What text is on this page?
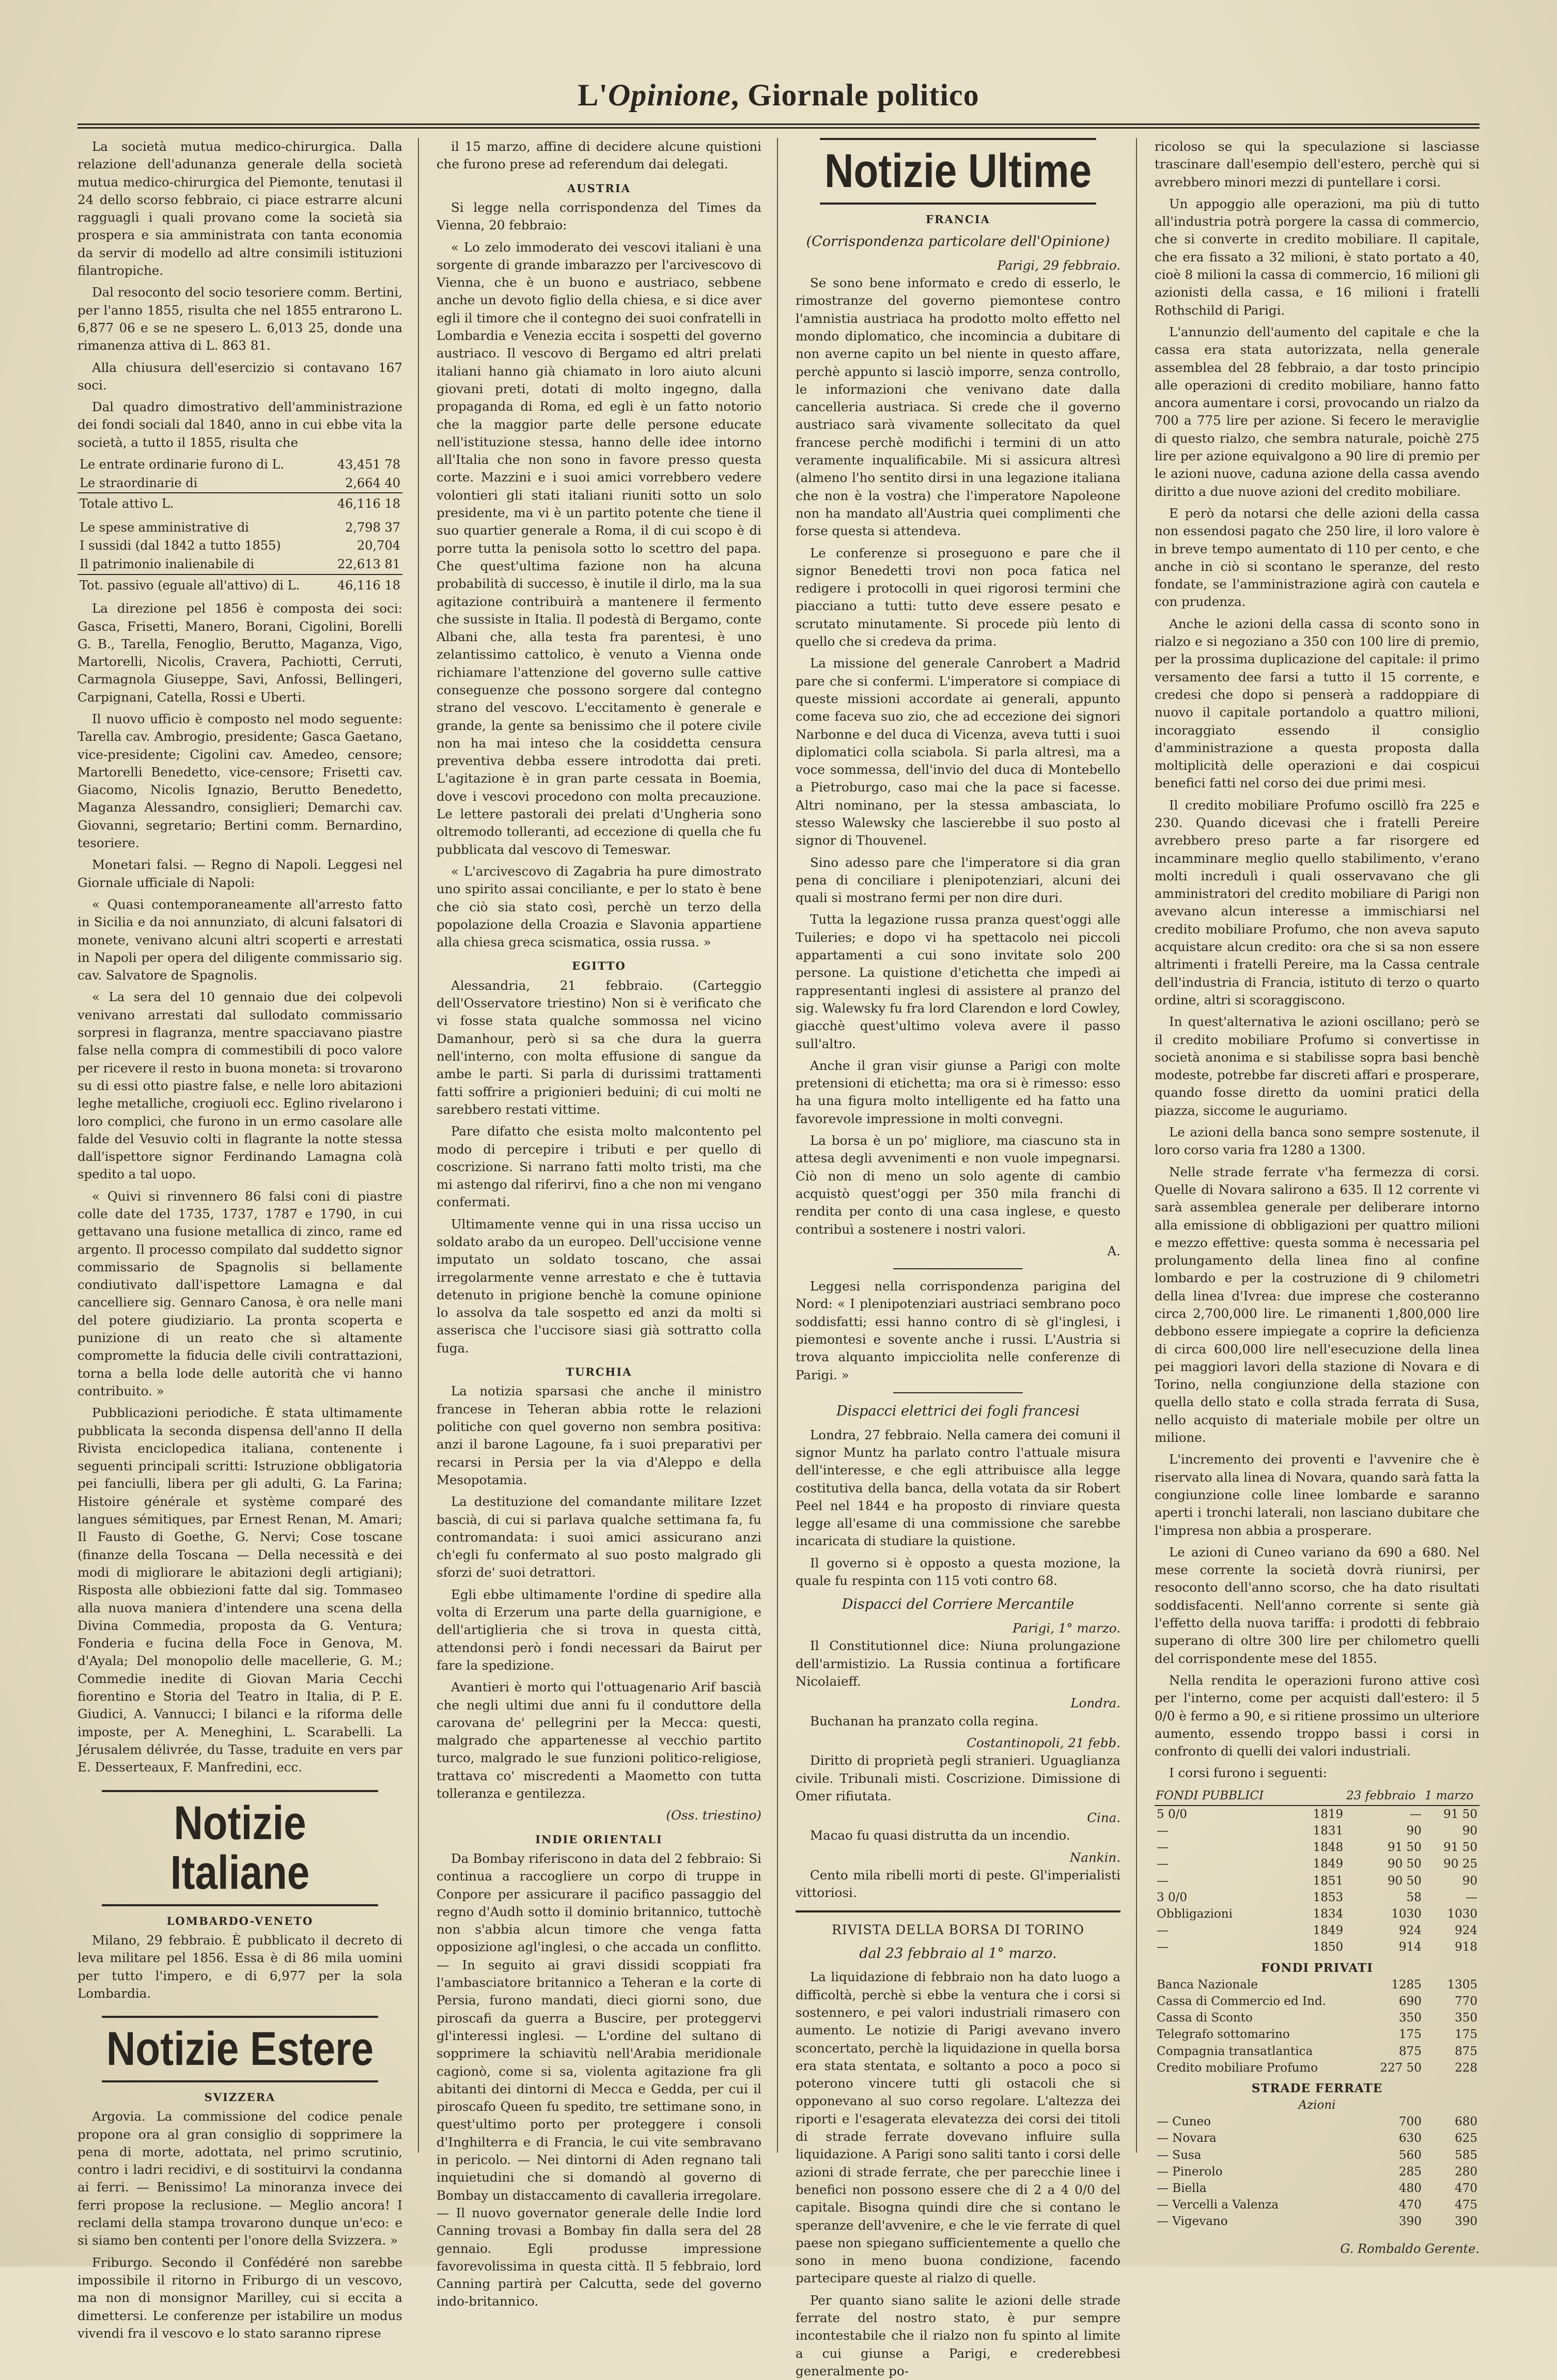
L'Opinione, Giornale politico

La società mutua medico-chirurgica. Dalla relazione dell'adunanza generale della società mutua medico-chirurgica del Piemonte, tenutasi il 24 dello scorso febbraio, ci piace estrarre alcuni ragguagli i quali provano come la società sia prospera e sia amministrata con tanta economia da servir di modello ad altre consimili istituzioni filantropiche.

Dal resoconto del socio tesoriere comm. Bertini, per l'anno 1855, risulta che nel 1855 entrarono L. 6,877 06 e se ne spesero L. 6,013 25, donde una rimanenza attiva di L. 863 81.

Alla chiusura dell'esercizio si contavano 167 soci.

Dal quadro dimostrativo dell'amministrazione dei fondi sociali dal 1840, anno in cui ebbe vita la società, a tutto il 1855, risulta che

Le entrate ordinarie furono di L.	43,451 78
Le straordinarie di	2,664 40
Totale attivo L.	46,116 18
Le spese amministrative di	2,798 37
I sussidi (dal 1842 a tutto 1855)	20,704
Il patrimonio inalienabile di	22,613 81
Tot. passivo (eguale all'attivo) di L.	46,116 18

La direzione pel 1856 è composta dei soci: Gasca, Frisetti, Manero, Borani, Cigolini, Borelli G. B., Tarella, Fenoglio, Berutto, Maganza, Vigo, Martorelli, Nicolis, Cravera, Pachiotti, Cerruti, Carmagnola Giuseppe, Savi, Anfossi, Bellingeri, Carpignani, Catella, Rossi e Uberti.

Il nuovo ufficio è composto nel modo seguente: Tarella cav. Ambrogio, presidente; Gasca Gaetano, vice-presidente; Cigolini cav. Amedeo, censore; Martorelli Benedetto, vice-censore; Frisetti cav. Giacomo, Nicolis Ignazio, Berutto Benedetto, Maganza Alessandro, consiglieri; Demarchi cav. Giovanni, segretario; Bertini comm. Bernardino, tesoriere.

Monetari falsi. — Regno di Napoli. Leggesi nel Giornale ufficiale di Napoli:

« Quasi contemporaneamente all'arresto fatto in Sicilia e da noi annunziato, di alcuni falsatori di monete, venivano alcuni altri scoperti e arrestati in Napoli per opera del diligente commissario sig. cav. Salvatore de Spagnolis.

« La sera del 10 gennaio due dei colpevoli venivano arrestati dal sullodato commissario sorpresi in flagranza, mentre spacciavano piastre false nella compra di commestibili di poco valore per ricevere il resto in buona moneta: si trovarono su di essi otto piastre false, e nelle loro abitazioni leghe metalliche, crogiuoli ecc. Eglino rivelarono i loro complici, che furono in un ermo casolare alle falde del Vesuvio colti in flagrante la notte stessa dall'ispettore signor Ferdinando Lamagna colà spedito a tal uopo.

« Quivi si rinvennero 86 falsi coni di piastre colle date del 1735, 1737, 1787 e 1790, in cui gettavano una fusione metallica di zinco, rame ed argento. Il processo compilato dal suddetto signor commissario de Spagnolis si bellamente condiutivato dall'ispettore Lamagna e dal cancelliere sig. Gennaro Canosa, è ora nelle mani del potere giudiziario. La pronta scoperta e punizione di un reato che sì altamente compromette la fiducia delle civili contrattazioni, torna a bella lode delle autorità che vi hanno contribuito. »

Pubblicazioni periodiche. È stata ultimamente pubblicata la seconda dispensa dell'anno II della Rivista enciclopedica italiana, contenente i seguenti principali scritti: Istruzione obbligatoria pei fanciulli, libera per gli adulti, G. La Farina; Histoire générale et système comparé des langues sémitiques, par Ernest Renan, M. Amari; Il Fausto di Goethe, G. Nervi; Cose toscane (finanze della Toscana — Della necessità e dei modi di migliorare le abitazioni degli artigiani); Risposta alle obbiezioni fatte dal sig. Tommaseo alla nuova maniera d'intendere una scena della Divina Commedia, proposta da G. Ventura; Fonderia e fucina della Foce in Genova, M. d'Ayala; Del monopolio delle macellerie, G. M.; Commedie inedite di Giovan Maria Cecchi fiorentino e Storia del Teatro in Italia, di P. E. Giudici, A. Vannucci; I bilanci e la riforma delle imposte, per A. Meneghini, L. Scarabelli. La Jérusalem délivrée, du Tasse, traduite en vers par E. Desserteaux, F. Manfredini, ecc.

Notizie Italiane
LOMBARDO-VENETO

Milano, 29 febbraio. È pubblicato il decreto di leva militare pel 1856. Essa è di 86 mila uomini per tutto l'impero, e di 6,977 per la sola Lombardia.

Notizie Estere
SVIZZERA

Argovia. La commissione del codice penale propone ora al gran consiglio di sopprimere la pena di morte, adottata, nel primo scrutinio, contro i ladri recidivi, e di sostituirvi la condanna ai ferri. — Benissimo! La minoranza invece dei ferri propose la reclusione. — Meglio ancora! I reclami della stampa trovarono dunque un'eco: e si siamo ben contenti per l'onore della Svizzera. »

Friburgo. Secondo il Confédéré non sarebbe impossibile il ritorno in Friburgo di un vescovo, ma non di monsignor Marilley, cui si eccita a dimettersi. Le conferenze per istabilire un modus vivendi fra il vescovo e lo stato saranno riprese

il 15 marzo, affine di decidere alcune quistioni che furono prese ad referendum dai delegati.

AUSTRIA

Si legge nella corrispondenza del Times da Vienna, 20 febbraio:

« Lo zelo immoderato dei vescovi italiani è una sorgente di grande imbarazzo per l'arcivescovo di Vienna, che è un buono e austriaco, sebbene anche un devoto figlio della chiesa, e si dice aver egli il timore che il contegno dei suoi confratelli in Lombardia e Venezia eccita i sospetti del governo austriaco. Il vescovo di Bergamo ed altri prelati italiani hanno già chiamato in loro aiuto alcuni giovani preti, dotati di molto ingegno, dalla propaganda di Roma, ed egli è un fatto notorio che la maggior parte delle persone educate nell'istituzione stessa, hanno delle idee intorno all'Italia che non sono in favore presso questa corte. Mazzini e i suoi amici vorrebbero vedere volontieri gli stati italiani riuniti sotto un solo presidente, ma vi è un partito potente che tiene il suo quartier generale a Roma, il di cui scopo è di porre tutta la penisola sotto lo scettro del papa. Che quest'ultima fazione non ha alcuna probabilità di successo, è inutile il dirlo, ma la sua agitazione contribuirà a mantenere il fermento che sussiste in Italia. Il podestà di Bergamo, conte Albani che, alla testa fra parentesi, è uno zelantissimo cattolico, è venuto a Vienna onde richiamare l'attenzione del governo sulle cattive conseguenze che possono sorgere dal contegno strano del vescovo. L'eccitamento è generale e grande, la gente sa benissimo che il potere civile non ha mai inteso che la cosiddetta censura preventiva debba essere introdotta dai preti. L'agitazione è in gran parte cessata in Boemia, dove i vescovi procedono con molta precauzione. Le lettere pastorali dei prelati d'Ungheria sono oltremodo tolleranti, ad eccezione di quella che fu pubblicata dal vescovo di Temeswar.

« L'arcivescovo di Zagabria ha pure dimostrato uno spirito assai conciliante, e per lo stato è bene che ciò sia stato così, perchè un terzo della popolazione della Croazia e Slavonia appartiene alla chiesa greca scismatica, ossia russa. »

EGITTO

Alessandria, 21 febbraio. (Carteggio dell'Osservatore triestino) Non si è verificato che vi fosse stata qualche sommossa nel vicino Damanhour, però si sa che dura la guerra nell'interno, con molta effusione di sangue da ambe le parti. Si parla di durissimi trattamenti fatti soffrire a prigionieri beduini; di cui molti ne sarebbero restati vittime.

Pare difatto che esista molto malcontento pel modo di percepire i tributi e per quello di coscrizione. Si narrano fatti molto tristi, ma che mi astengo dal riferirvi, fino a che non mi vengano confermati.

Ultimamente venne qui in una rissa ucciso un soldato arabo da un europeo. Dell'uccisione venne imputato un soldato toscano, che assai irregolarmente venne arrestato e che è tuttavia detenuto in prigione benchè la comune opinione lo assolva da tale sospetto ed anzi da molti si asserisca che l'uccisore siasi già sottratto colla fuga.

TURCHIA

La notizia sparsasi che anche il ministro francese in Teheran abbia rotte le relazioni politiche con quel governo non sembra positiva: anzi il barone Lagoune, fa i suoi preparativi per recarsi in Persia per la via d'Aleppo e della Mesopotamia.

La destituzione del comandante militare Izzet bascià, di cui si parlava qualche settimana fa, fu contromandata: i suoi amici assicurano anzi ch'egli fu confermato al suo posto malgrado gli sforzi de' suoi detrattori.

Egli ebbe ultimamente l'ordine di spedire alla volta di Erzerum una parte della guarnigione, e dell'artiglieria che si trova in questa città, attendonsi però i fondi necessari da Bairut per fare la spedizione.

Avantieri è morto qui l'ottuagenario Arif bascià che negli ultimi due anni fu il conduttore della carovana de' pellegrini per la Mecca: questi, malgrado che appartenesse al vecchio partito turco, malgrado le sue funzioni politico-religiose, trattava co' miscredenti a Maometto con tutta tolleranza e gentilezza.

(Oss. triestino)
INDIE ORIENTALI

Da Bombay riferiscono in data del 2 febbraio: Si continua a raccogliere un corpo di truppe in Conpore per assicurare il pacifico passaggio del regno d'Audh sotto il dominio britannico, tuttochè non s'abbia alcun timore che venga fatta opposizione agl'inglesi, o che accada un conflitto. — In seguito ai gravi dissidi scoppiati fra l'ambasciatore britannico a Teheran e la corte di Persia, furono mandati, dieci giorni sono, due piroscafi da guerra a Buscire, per proteggervi gl'interessi inglesi. — L'ordine del sultano di sopprimere la schiavitù nell'Arabia meridionale cagionò, come si sa, violenta agitazione fra gli abitanti dei dintorni di Mecca e Gedda, per cui il piroscafo Queen fu spedito, tre settimane sono, in quest'ultimo porto per proteggere i consoli d'Inghilterra e di Francia, le cui vite sembravano in pericolo. — Nei dintorni di Aden regnano tali inquietudini che si domandò al governo di Bombay un distaccamento di cavalleria irregolare. — Il nuovo governator generale delle Indie lord Canning trovasi a Bombay fin dalla sera del 28 gennaio. Egli produsse impressione favorevolissima in questa città. Il 5 febbraio, lord Canning partirà per Calcutta, sede del governo indo-britannico.

Notizie Ultime
FRANCIA
(Corrispondenza particolare dell'Opinione)
Parigi, 29 febbraio.

Se sono bene informato e credo di esserlo, le rimostranze del governo piemontese contro l'amnistia austriaca ha prodotto molto effetto nel mondo diplomatico, che incomincia a dubitare di non averne capito un bel niente in questo affare, perchè appunto si lasciò imporre, senza controllo, le informazioni che venivano date dalla cancelleria austriaca. Si crede che il governo austriaco sarà vivamente sollecitato da quel francese perchè modifichi i termini di un atto veramente inqualificabile. Mi si assicura altresì (almeno l'ho sentito dirsi in una legazione italiana che non è la vostra) che l'imperatore Napoleone non ha mandato all'Austria quei complimenti che forse questa si attendeva.

Le conferenze si proseguono e pare che il signor Benedetti trovi non poca fatica nel redigere i protocolli in quei rigorosi termini che piacciano a tutti: tutto deve essere pesato e scrutato minutamente. Si procede più lento di quello che si credeva da prima.

La missione del generale Canrobert a Madrid pare che si confermi. L'imperatore si compiace di queste missioni accordate ai generali, appunto come faceva suo zio, che ad eccezione dei signori Narbonne e del duca di Vicenza, aveva tutti i suoi diplomatici colla sciabola. Si parla altresì, ma a voce sommessa, dell'invio del duca di Montebello a Pietroburgo, caso mai che la pace si facesse. Altri nominano, per la stessa ambasciata, lo stesso Walewsky che lascierebbe il suo posto al signor di Thouvenel.

Sino adesso pare che l'imperatore si dia gran pena di conciliare i plenipotenziari, alcuni dei quali si mostrano fermi per non dire duri.

Tutta la legazione russa pranza quest'oggi alle Tuileries; e dopo vi ha spettacolo nei piccoli appartamenti a cui sono invitate solo 200 persone. La quistione d'etichetta che impedì ai rappresentanti inglesi di assistere al pranzo del sig. Walewsky fu fra lord Clarendon e lord Cowley, giacchè quest'ultimo voleva avere il passo sull'altro.

Anche il gran visir giunse a Parigi con molte pretensioni di etichetta; ma ora si è rimesso: esso ha una figura molto intelligente ed ha fatto una favorevole impressione in molti convegni.

La borsa è un po' migliore, ma ciascuno sta in attesa degli avvenimenti e non vuole impegnarsi. Ciò non di meno un solo agente di cambio acquistò quest'oggi per 350 mila franchi di rendita per conto di una casa inglese, e questo contribuì a sostenere i nostri valori.

A.

Leggesi nella corrispondenza parigina del Nord: « I plenipotenziari austriaci sembrano poco soddisfatti; essi hanno contro di sè gl'inglesi, i piemontesi e sovente anche i russi. L'Austria si trova alquanto impicciolita nelle conferenze di Parigi. »

Dispacci elettrici dei fogli francesi

Londra, 27 febbraio. Nella camera dei comuni il signor Muntz ha parlato contro l'attuale misura dell'interesse, e che egli attribuisce alla legge costitutiva della banca, della votata da sir Robert Peel nel 1844 e ha proposto di rinviare questa legge all'esame di una commissione che sarebbe incaricata di studiare la quistione.

Il governo si è opposto a questa mozione, la quale fu respinta con 115 voti contro 68.

Dispacci del Corriere Mercantile
Parigi, 1° marzo.

Il Constitutionnel dice: Niuna prolungazione dell'armistizio. La Russia continua a fortificare Nicolaieff.

Londra.

Buchanan ha pranzato colla regina.

Costantinopoli, 21 febb.

Diritto di proprietà pegli stranieri. Uguaglianza civile. Tribunali misti. Coscrizione. Dimissione di Omer rifiutata.

Cina.

Macao fu quasi distrutta da un incendio.

Nankin.

Cento mila ribelli morti di peste. Gl'imperialisti vittoriosi.

RIVISTA DELLA BORSA DI TORINO
dal 23 febbraio al 1° marzo.

La liquidazione di febbraio non ha dato luogo a difficoltà, perchè si ebbe la ventura che i corsi si sostennero, e pei valori industriali rimasero con aumento. Le notizie di Parigi avevano invero sconcertato, perchè la liquidazione in quella borsa era stata stentata, e soltanto a poco a poco si poterono vincere tutti gli ostacoli che si opponevano al suo corso regolare. L'altezza dei riporti e l'esagerata elevatezza dei corsi dei titoli di strade ferrate dovevano influire sulla liquidazione. A Parigi sono saliti tanto i corsi delle azioni di strade ferrate, che per parecchie linee i benefici non possono essere che di 2 a 4 0/0 del capitale. Bisogna quindi dire che si contano le speranze dell'avvenire, e che le vie ferrate di quel paese non spiegano sufficientemente a quello che sono in meno buona condizione, facendo partecipare queste al rialzo di quelle.

Per quanto siano salite le azioni delle strade ferrate del nostro stato, è pur sempre incontestabile che il rialzo non fu spinto al limite a cui giunse a Parigi, e crederebbesi generalmente po-

ricoloso se qui la speculazione si lasciasse trascinare dall'esempio dell'estero, perchè qui si avrebbero minori mezzi di puntellare i corsi.

Un appoggio alle operazioni, ma più di tutto all'industria potrà porgere la cassa di commercio, che si converte in credito mobiliare. Il capitale, che era fissato a 32 milioni, è stato portato a 40, cioè 8 milioni la cassa di commercio, 16 milioni gli azionisti della cassa, e 16 milioni i fratelli Rothschild di Parigi.

L'annunzio dell'aumento del capitale e che la cassa era stata autorizzata, nella generale assemblea del 28 febbraio, a dar tosto principio alle operazioni di credito mobiliare, hanno fatto ancora aumentare i corsi, provocando un rialzo da 700 a 775 lire per azione. Si fecero le meraviglie di questo rialzo, che sembra naturale, poichè 275 lire per azione equivalgono a 90 lire di premio per le azioni nuove, caduna azione della cassa avendo diritto a due nuove azioni del credito mobiliare.

E però da notarsi che delle azioni della cassa non essendosi pagato che 250 lire, il loro valore è in breve tempo aumentato di 110 per cento, e che anche in ciò si scontano le speranze, del resto fondate, se l'amministrazione agirà con cautela e con prudenza.

Anche le azioni della cassa di sconto sono in rialzo e si negoziano a 350 con 100 lire di premio, per la prossima duplicazione del capitale: il primo versamento dee farsi a tutto il 15 corrente, e credesi che dopo si penserà a raddoppiare di nuovo il capitale portandolo a quattro milioni, incoraggiato essendo il consiglio d'amministrazione a questa proposta dalla moltiplicità delle operazioni e dai cospicui benefici fatti nel corso dei due primi mesi.

Il credito mobiliare Profumo oscillò fra 225 e 230. Quando dicevasi che i fratelli Pereire avrebbero preso parte a far risorgere ed incamminare meglio quello stabilimento, v'erano molti incredulì i quali osservavano che gli amministratori del credito mobiliare di Parigi non avevano alcun interesse a immischiarsi nel credito mobiliare Profumo, che non aveva saputo acquistare alcun credito: ora che si sa non essere altrimenti i fratelli Pereire, ma la Cassa centrale dell'industria di Francia, istituto di terzo o quarto ordine, altri si scoraggiscono.

In quest'alternativa le azioni oscillano; però se il credito mobiliare Profumo si convertisse in società anonima e si stabilisse sopra basi benchè modeste, potrebbe far discreti affari e prosperare, quando fosse diretto da uomini pratici della piazza, siccome le auguriamo.

Le azioni della banca sono sempre sostenute, il loro corso varia fra 1280 a 1300.

Nelle strade ferrate v'ha fermezza di corsi. Quelle di Novara salirono a 635. Il 12 corrente vi sarà assemblea generale per deliberare intorno alla emissione di obbligazioni per quattro milioni e mezzo effettive: questa somma è necessaria pel prolungamento della linea fino al confine lombardo e per la costruzione di 9 chilometri della linea d'Ivrea: due imprese che costeranno circa 2,700,000 lire. Le rimanenti 1,800,000 lire debbono essere impiegate a coprire la deficienza di circa 600,000 lire nell'esecuzione della linea pei maggiori lavori della stazione di Novara e di Torino, nella congiunzione della stazione con quella dello stato e colla strada ferrata di Susa, nello acquisto di materiale mobile per oltre un milione.

L'incremento dei proventi e l'avvenire che è riservato alla linea di Novara, quando sarà fatta la congiunzione colle linee lombarde e saranno aperti i tronchi laterali, non lasciano dubitare che l'impresa non abbia a prosperare.

Le azioni di Cuneo variano da 690 a 680. Nel mese corrente la società dovrà riunirsi, per resoconto dell'anno scorso, che ha dato risultati soddisfacenti. Nell'anno corrente si sente già l'effetto della nuova tariffa: i prodotti di febbraio superano di oltre 300 lire per chilometro quelli del corrispondente mese del 1855.

Nella rendita le operazioni furono attive così per l'interno, come per acquisti dall'estero: il 5 0/0 è fermo a 90, e si ritiene prossimo un ulteriore aumento, essendo troppo bassi i corsi in confronto di quelli dei valori industriali.

I corsi furono i seguenti:

FONDI PUBBLICI		23 febbraio	1 marzo
5 0/0	1819	—	91 50
—	1831	90	90
—	1848	91 50	91 50
—	1849	90 50	90 25
—	1851	90 50	90
3 0/0	1853	58	—
Obbligazioni	1834	1030	1030
—	1849	924	924
—	1850	914	918
FONDI PRIVATI			
Banca Nazionale		1285	1305
Cassa di Commercio ed Ind.		690	770
Cassa di Sconto		350	350
Telegrafo sottomarino		175	175
Compagnia transatlantica		875	875
Credito mobiliare Profumo		227 50	228
STRADE FERRATE			
Azioni			
— Cuneo		700	680
— Novara		630	625
— Susa		560	585
— Pinerolo		285	280
— Biella		480	470
— Vercelli a Valenza		470	475
— Vigevano		390	390
G. Rombaldo Gerente.
